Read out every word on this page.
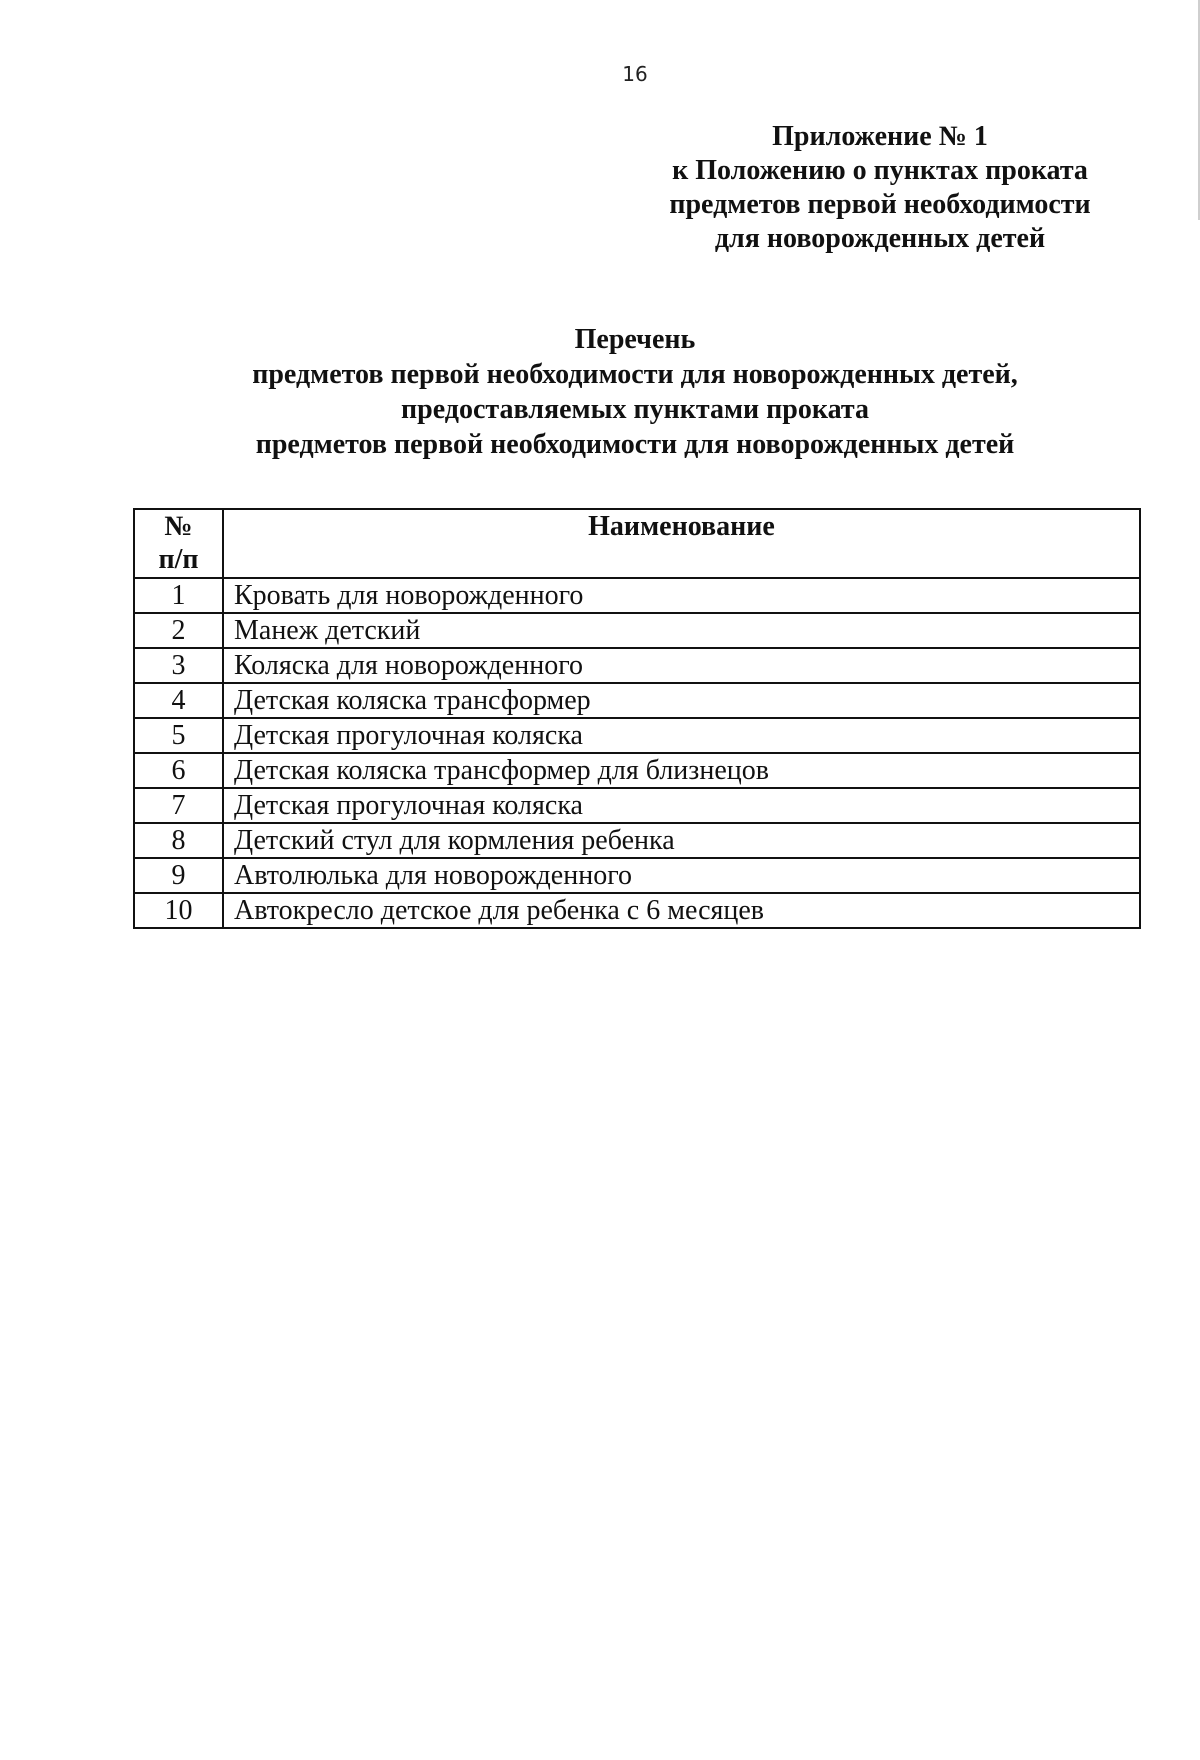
16
Приложение № 1
к Положению о пунктах проката
предметов первой необходимости
для новорожденных детей
Перечень
предметов первой необходимости для новорожденных детей,
предоставляемых пунктами проката
предметов первой необходимости для новорожденных детей
№
п/п	Наименование
1	Кровать для новорожденного
2	Манеж детский
3	Коляска для новорожденного
4	Детская коляска трансформер
5	Детская прогулочная коляска
6	Детская коляска трансформер для близнецов
7	Детская прогулочная коляска
8	Детский стул для кормления ребенка
9	Автолюлька для новорожденного
10	Автокресло детское для ребенка с 6 месяцев
